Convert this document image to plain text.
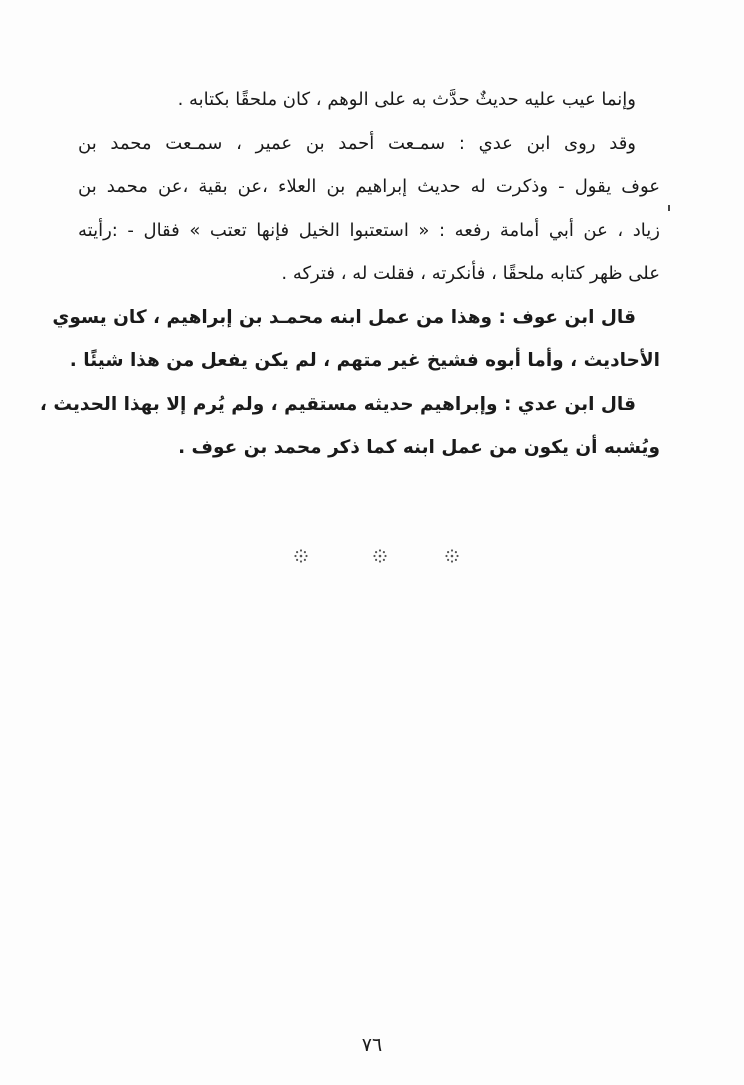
وإنما عيب عليه حديثٌ حدَّث به على الوهم ، كان ملحقًا بكتابه .
وقد روى ابن عدي : سمـعت أحمد بن عمير ، سمـعت محمد بن
عوف يقول - وذكرت له حديث إبراهيم بن العلاء ،عن بقية ،عن محمد بن
زياد ، عن أبي أمامة رفعه : « استعتبوا الخيل فإنها تعتب » فقال - :رأيته
على ظهر كتابه ملحقًا ، فأنكرته ، فقلت له ، فتركه .
قال ابن عوف : وهذا من عمل ابنه محمـد بن إبراهيم ، كان يسوي
الأحاديث ، وأما أبوه فشيخ غير متهم ، لم يكن يفعل من هذا شيئًا .
قال ابن عدي : وإبراهيم حديثه مستقيم ، ولم يُرم إلا بهذا الحديث ،
ويُشبه أن يكون من عمل ابنه كما ذكر محمد بن عوف .
٧٦
